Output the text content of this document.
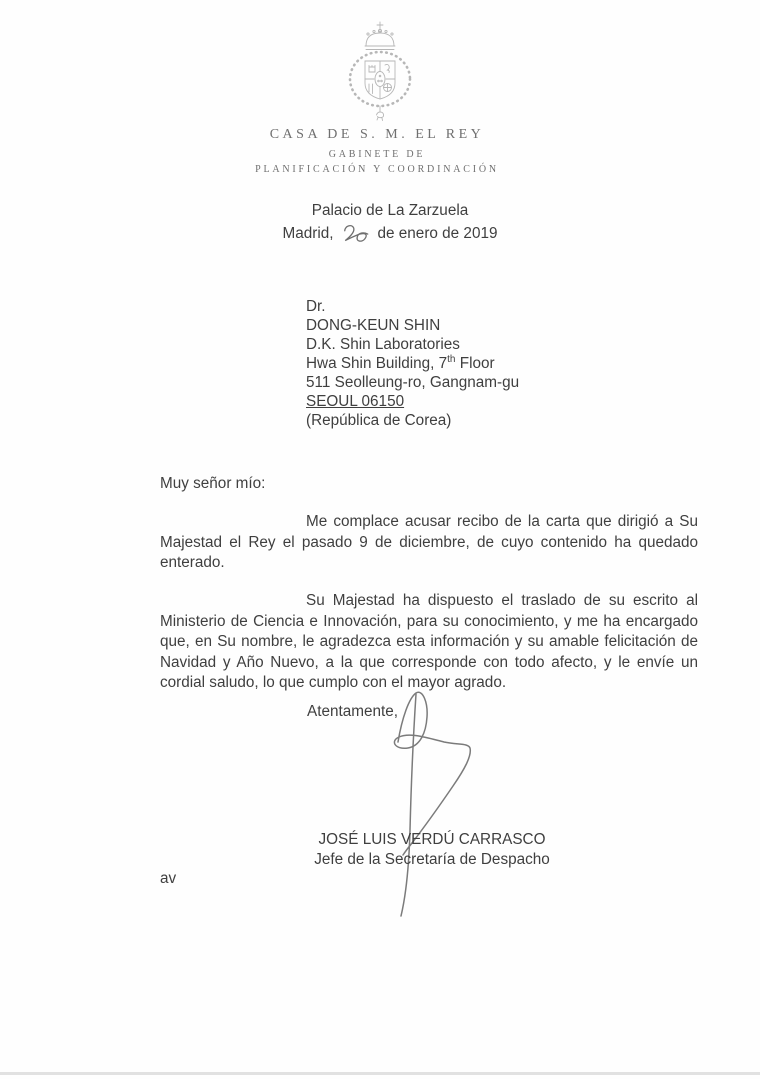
CASA DE S. M. EL REY
GABINETE DE
PLANIFICACIÓN Y COORDINACIÓN
Palacio de La Zarzuela
Madrid,	de enero de 2019
Dr.
DONG-KEUN SHIN
D.K. Shin Laboratories
Hwa Shin Building, 7th Floor
511 Seolleung-ro, Gangnam-gu
SEOUL 06150
(República de Corea)
Muy señor mío:
Me complace acusar recibo de la carta que dirigió a Su Majestad el Rey el pasado 9 de diciembre, de cuyo contenido ha quedado enterado.
Su Majestad ha dispuesto el traslado de su escrito al Ministerio de Ciencia e Innovación, para su conocimiento, y me ha encargado que, en Su nombre, le agradezca esta información y su amable felicitación de Navidad y Año Nuevo, a la que corresponde con todo afecto, y le envíe un cordial saludo, lo que cumplo con el mayor agrado.
Atentamente,
JOSÉ LUIS VERDÚ CARRASCO
Jefe de la Secretaría de Despacho
av
